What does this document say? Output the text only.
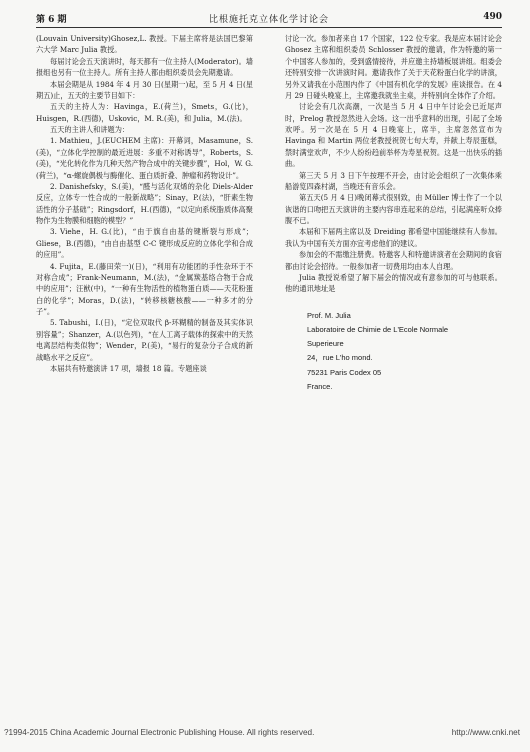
第 6 期	比根施托克立体化学讨论会	490

(Louvain University)Ghosez,L. 教授。下届主席将是法国巴黎第六大学 Marc Julia 教授。

每届讨论会五天演讲时，每天都有一位主持人(Moderator)。墙报组也另有一位主持人。所有主持人都由组织委员会先期邀请。

本届会期是从 1984 年 4 月 30 日(星期一)起，至 5 月 4 日(星期五)止，五天的主要节目如下：

五天的主持人为：Havinga，E.(荷兰)，Smets，G.(比)，Huisgen，R.(西德)，Uskovic，M. R.(美)，和 Julia，M.(法)。

五天的主讲人和讲题为：

1. Mathieu，J.(EUCHEM 主席)：开幕词，Masamune，S.(美)，“立体化学控制的最近进展：多重不对称诱导”，Roberts，S.(美)，“光化转化作为几种天然产物合成中的关键步骤”，Hol，W. G.(荷兰)，“α-螺旋偶极与酶催化、蛋白质折叠、肿瘤和药物设计”。

2. Danishefsky，S.(美)，“醛与活化双烯的杂化 Diels-Alder 反应，立体专一性合成的一般新战略”；Sinay，P.(法)，“肝素生物活性的分子基础”；Ringsdorf，H.(西德)，“以定向系统脂质体高聚物作为生物膜和细胞的模型？”

3. Viehe，H. G.(比)，“由于旗自由基的键断裂与形成”；Gliese，B.(西德)，“由自由基型 C-C 键形成反应的立体化学和合成的应用”。

4. Fujita，E.(藤田荣一)(日)，“利用有功能团的手性杂环于不对称合成”；Frank-Neumann，M.(法)，“金属羰基络合物于合成中的应用”；汪猷(中)，“一种有生物活性的植物蛋白质——天花粉蛋白的化学”；Moras，D.(法)，“转移核糖核酸——一种多才的分子”。

5. Tabushi，I.(日)，“定位双取代 β-环糊精的制备及其实体识别容量”；Shanzer，A.(以色列)，“在人工离子载体的探索中的天然电离层结构类似物”；Wender，P.(美)，“易行的复杂分子合成的新战略水平之反应”。

本届共有特邀演讲 17 项，墙报 18 篇。专题座谈

讨论一次。参加者来自 17 个国家，122 位专家。我是应本届讨论会 Ghosez 主席和组织委员 Schlosser 教授的邀请，作为特邀的第一个中国客人参加的，受到盛情接待，并应邀主持墙板展讲组。组委会还特别安排一次讲演时间。邀请我作了关于天花粉蛋白化学的讲演，另外又请我在小范围内作了《中国有机化学的发展》座谈报告。在 4 月 29 日碰头晚宴上，主席邀我就坐主桌，并特别向全体作了介绍。

讨论会有几次高潮，一次是当 5 月 4 日中午讨论会已近尾声时，Prelog 教授忽然进入会场。这一出乎意料的出现，引起了全场欢呼。另一次是在 5 月 4 日晚宴上，席半，主席忽然宣布为 Havinga 和 Martin 两位老教授祝贺七旬大寿，并献上寿辰蛋糕，禁时满堂欢声，不少人纷纷趋前举杯为寿星祝贺。这是一出快乐的插曲。

第三天 5 月 3 日下午按理不开会，由讨论会组织了一次集体乘船游览四森村湖，当晚还有音乐会。

第五天(5 月 4 日)晚闭幕式很别致，由 Müller 博士作了一个以诙谐的口吻把五天演讲的主要内容串连起来的总结，引起满座听众捧腹不已。

本届和下届两主席以及 Dreiding 都希望中国能继续有人参加。我认为中国有关方面亦宜考虑他们的建议。

参加会的不需缴注册费。特邀客人和特邀讲演者在会期间的食宿都由讨论会招待。一般参加者一切费用均由本人自理。

Julia 教授说希望了解下届会的情况或有意参加的可与他联系。他的通讯地址是

Prof. M. Julia
Laboratoire de Chimie de L'Ecole Normale
Superieure
24，rue L'ho mond.
75231 Paris Codex 05
France.
?1994-2015 China Academic Journal Electronic Publishing House. All rights reserved.	http://www.cnki.net
